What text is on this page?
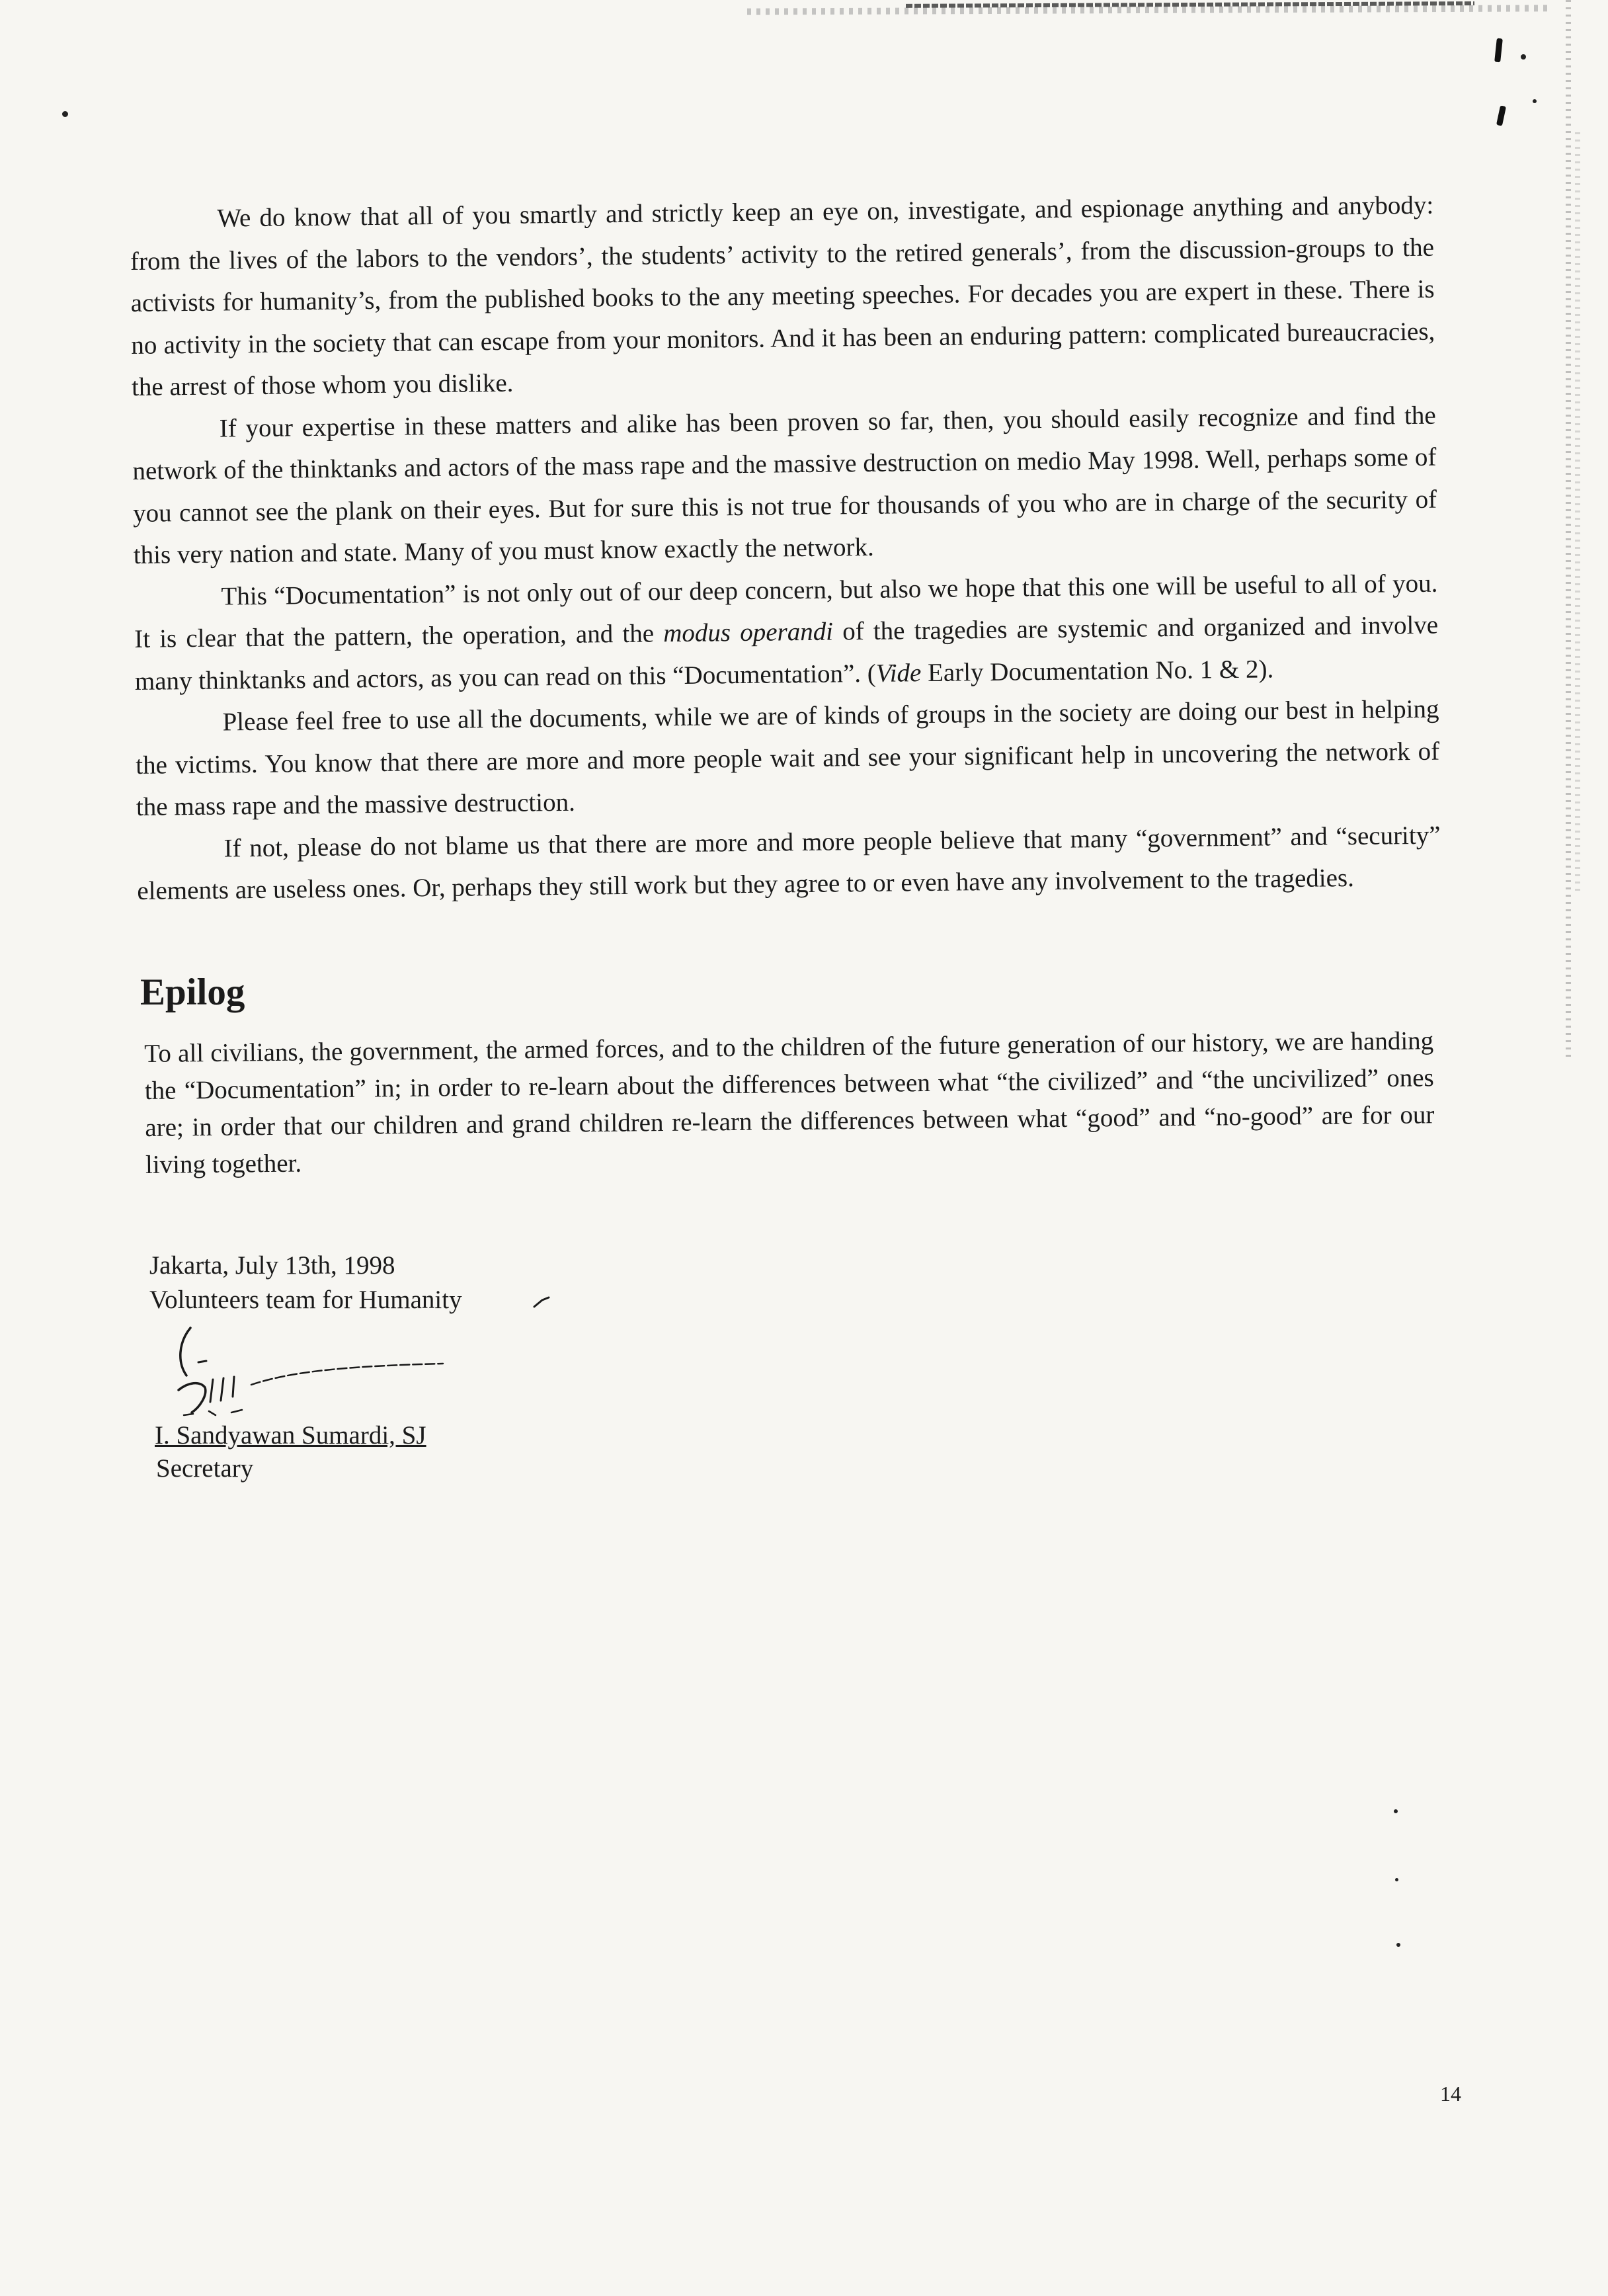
We do know that all of you smartly and strictly keep an eye on, investigate, and espionage anything and anybody: from the lives of the labors to the vendors’, the students’ activity to the retired generals’, from the discussion-groups to the activists for humanity’s, from the published books to the any meeting speeches. For decades you are expert in these. There is no activity in the society that can escape from your monitors. And it has been an enduring pattern: complicated bureaucracies, the arrest of those whom you dislike.

If your expertise in these matters and alike has been proven so far, then, you should easily recognize and find the network of the thinktanks and actors of the mass rape and the massive destruction on medio May 1998. Well, perhaps some of you cannot see the plank on their eyes. But for sure this is not true for thousands of you who are in charge of the security of this very nation and state. Many of you must know exactly the network.

This “Documentation” is not only out of our deep concern, but also we hope that this one will be useful to all of you. It is clear that the pattern, the operation, and the modus operandi of the tragedies are systemic and organized and involve many thinktanks and actors, as you can read on this “Documentation”. (Vide Early Documentation No. 1 & 2).

Please feel free to use all the documents, while we are of kinds of groups in the society are doing our best in helping the victims. You know that there are more and more people wait and see your significant help in uncovering the network of the mass rape and the massive destruction.

If not, please do not blame us that there are more and more people believe that many “government” and “security” elements are useless ones. Or, perhaps they still work but they agree to or even have any involvement to the tragedies.

Epilog

To all civilians, the government, the armed forces, and to the children of the future generation of our history, we are handing the “Documentation” in; in order to re-learn about the differences between what “the civilized” and “the uncivilized” ones are; in order that our children and grand children re-learn the differences between what “good” and “no-good” are for our living together.

Jakarta, July 13th, 1998
Volunteers team for Humanity
I. Sandyawan Sumardi, SJ
Secretary
14
